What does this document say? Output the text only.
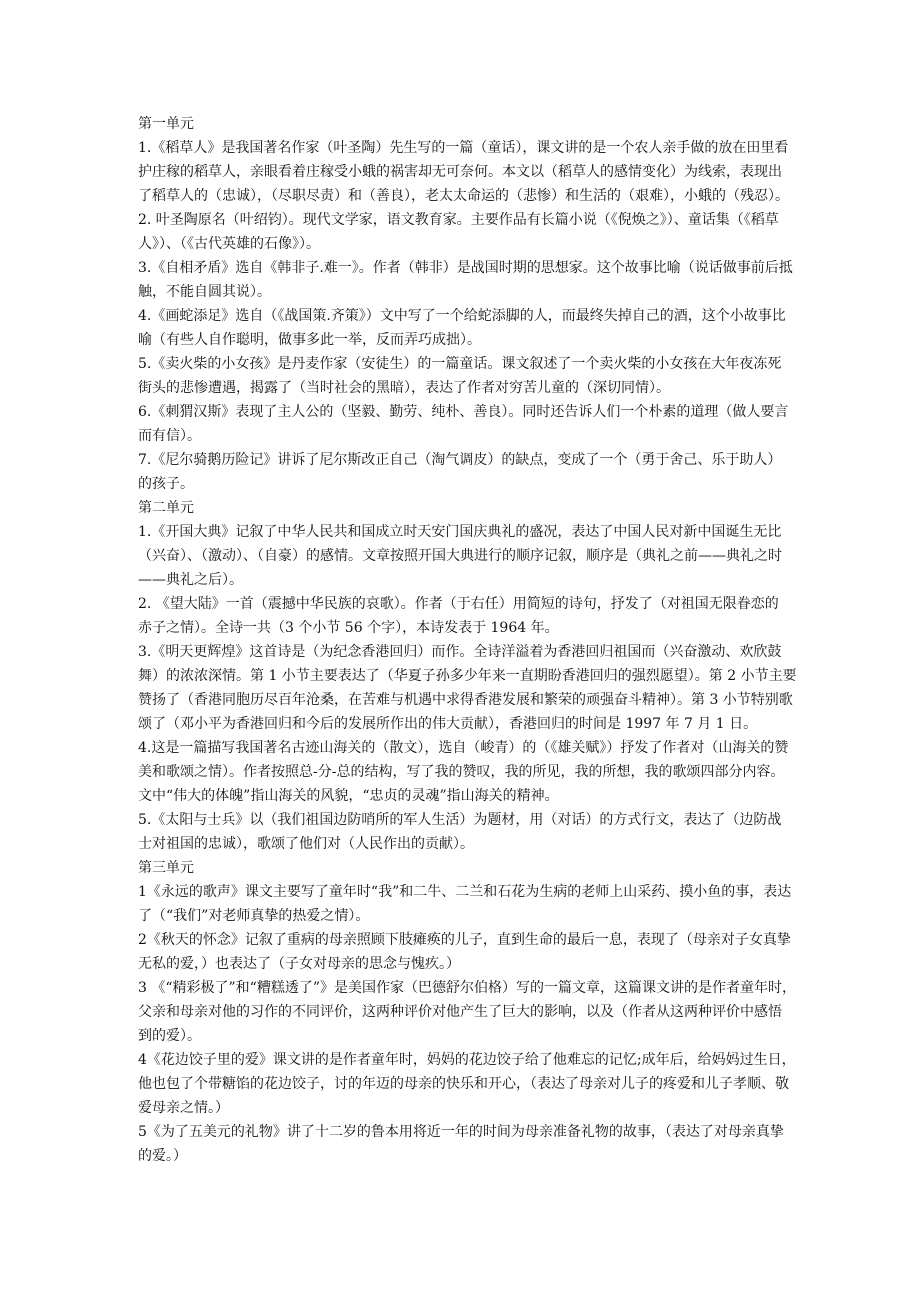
第一单元
1.《稻草人》是我国著名作家（叶圣陶）先生写的一篇（童话），课文讲的是一个农人亲手做的放在田里看
护庄稼的稻草人，亲眼看着庄稼受小蛾的祸害却无可奈何。本文以（稻草人的感情变化）为线索，表现出
了稻草人的（忠诚），（尽职尽责）和（善良），老太太命运的（悲惨）和生活的（艰难），小蛾的（残忍）。
2. 叶圣陶原名（叶绍钧）。现代文学家，语文教育家。主要作品有长篇小说（《倪焕之》）、童话集（《稻草
人》）、（《古代英雄的石像》）。
3.《自相矛盾》选自《韩非子.难一》。作者（韩非）是战国时期的思想家。这个故事比喻（说话做事前后抵
触，不能自圆其说）。
4.《画蛇添足》选自（《战国策.齐策》）文中写了一个给蛇添脚的人，而最终失掉自己的酒，这个小故事比
喻（有些人自作聪明，做事多此一举，反而弄巧成拙）。
5.《卖火柴的小女孩》是丹麦作家（安徒生）的一篇童话。课文叙述了一个卖火柴的小女孩在大年夜冻死
街头的悲惨遭遇，揭露了（当时社会的黑暗），表达了作者对穷苦儿童的（深切同情）。
6.《刺猬汉斯》表现了主人公的（坚毅、勤劳、纯朴、善良）。同时还告诉人们一个朴素的道理（做人要言
而有信）。
7.《尼尔骑鹅历险记》讲诉了尼尔斯改正自己（淘气调皮）的缺点，变成了一个（勇于舍己、乐于助人）
的孩子。
第二单元
1.《开国大典》记叙了中华人民共和国成立时天安门国庆典礼的盛况，表达了中国人民对新中国诞生无比
（兴奋）、（激动）、（自豪）的感情。文章按照开国大典进行的顺序记叙，顺序是（典礼之前——典礼之时
——典礼之后）。
2. 《望大陆》一首（震撼中华民族的哀歌）。作者（于右任）用简短的诗句，抒发了（对祖国无限眷恋的
赤子之情）。全诗一共（3 个小节 56 个字），本诗发表于 1964 年。
3.《明天更辉煌》这首诗是（为纪念香港回归）而作。全诗洋溢着为香港回归祖国而（兴奋激动、欢欣鼓
舞）的浓浓深情。第 1 小节主要表达了（华夏子孙多少年来一直期盼香港回归的强烈愿望）。第 2 小节主要
赞扬了（香港同胞历尽百年沧桑，在苦难与机遇中求得香港发展和繁荣的顽强奋斗精神）。第 3 小节特别歌
颂了（邓小平为香港回归和今后的发展所作出的伟大贡献），香港回归的时间是 1997 年 7 月 1 日。
4.这是一篇描写我国著名古迹山海关的（散文），选自（峻青）的（《雄关赋》）抒发了作者对（山海关的赞
美和歌颂之情）。作者按照总-分-总的结构，写了我的赞叹，我的所见，我的所想，我的歌颂四部分内容。
文中“伟大的体魄”指山海关的风貌，“忠贞的灵魂”指山海关的精神。
5.《太阳与士兵》以（我们祖国边防哨所的军人生活）为题材，用（对话）的方式行文，表达了（边防战
士对祖国的忠诚），歌颂了他们对（人民作出的贡献）。
第三单元
1《永远的歌声》课文主要写了童年时“我”和二牛、二兰和石花为生病的老师上山采药、摸小鱼的事，表达
了（“我们”对老师真挚的热爱之情）。
2《秋天的怀念》记叙了重病的母亲照顾下肢瘫痪的儿子，直到生命的最后一息，表现了（母亲对子女真挚
无私的爱，）也表达了（子女对母亲的思念与愧疚。）
3 《“精彩极了”和“糟糕透了”》是美国作家（巴德舒尔伯格）写的一篇文章，这篇课文讲的是作者童年时，
父亲和母亲对他的习作的不同评价，这两种评价对他产生了巨大的影响，以及（作者从这两种评价中感悟
到的爱）。
4《花边饺子里的爱》课文讲的是作者童年时，妈妈的花边饺子给了他难忘的记忆;成年后，给妈妈过生日，
他也包了个带糖馅的花边饺子，讨的年迈的母亲的快乐和开心，（表达了母亲对儿子的疼爱和儿子孝顺、敬
爱母亲之情。）
5《为了五美元的礼物》讲了十二岁的鲁本用将近一年的时间为母亲准备礼物的故事，（表达了对母亲真挚
的爱。）
